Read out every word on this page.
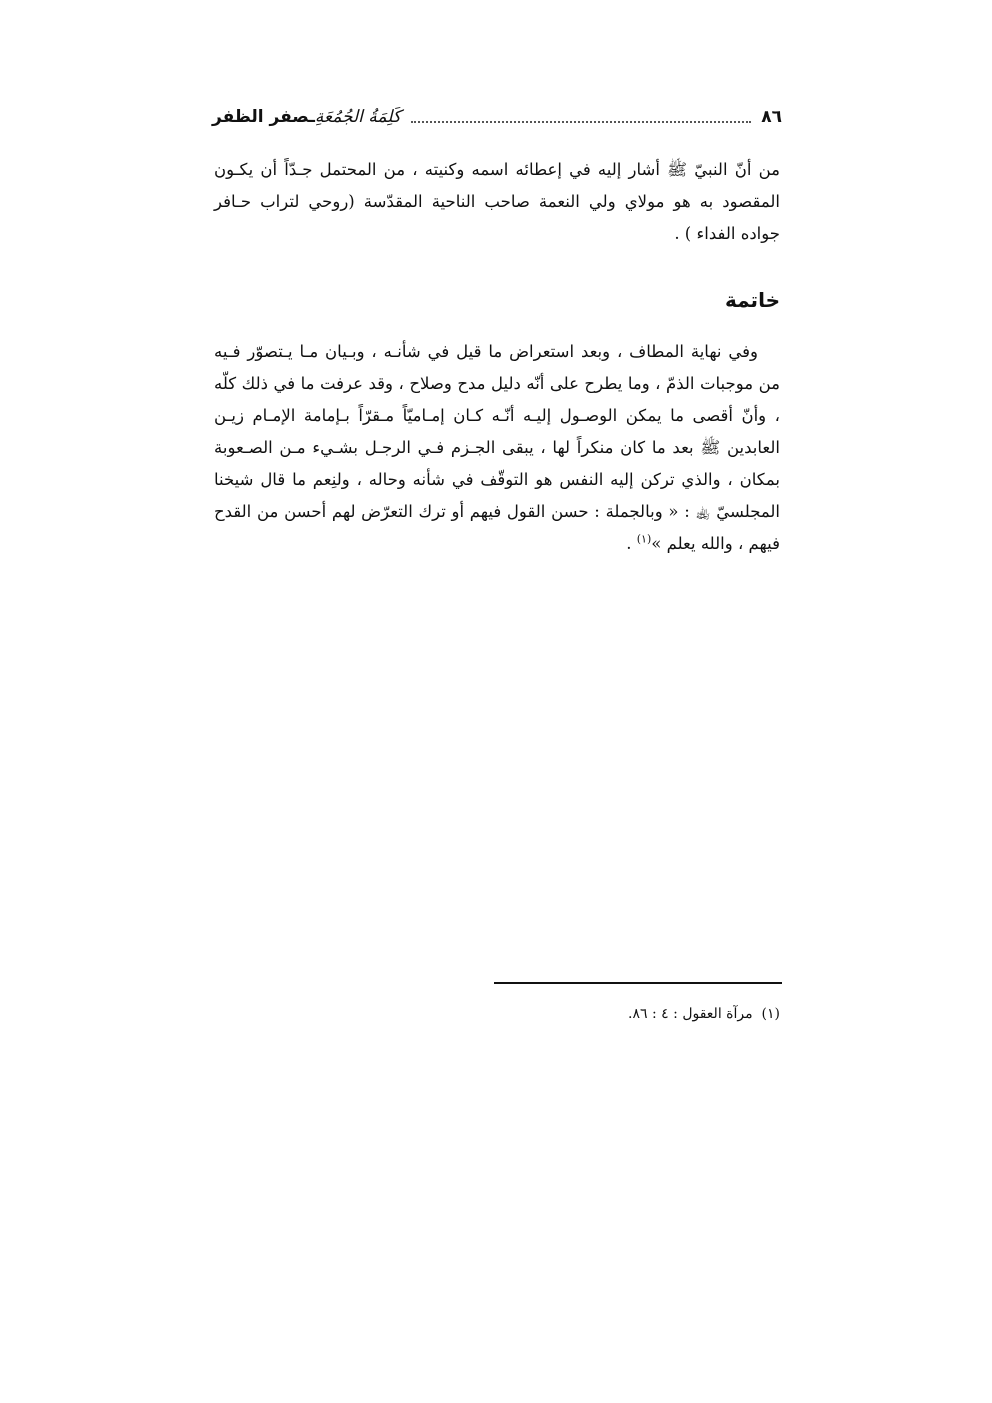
٨٦
كَلِمَةُ الجُمُعَةِـصفر الظفر

من أنّ النبيّ ﷺ أشار إليه في إعطائه اسمه وكنيته ، من المحتمل جـدّاً أن يكـون المقصود به هو مولاي ولي النعمة صاحب الناحية المقدّسة (روحي لتراب حـافر جواده الفداء ) .

خاتمة

وفي نهاية المطاف ، وبعد استعراض ما قيل في شأنـه ، وبـيان مـا يـتصوّر فـيه من موجبات الذمّ ، وما يطرح على أنّه دليل مدح وصلاح ، وقد عرفت ما في ذلك كلّه ، وأنّ أقصى ما يمكن الوصـول إليـه أنّـه كـان إمـاميّاً مـقرّاً بـإمامة الإمـام زيـن العابدين ﷺ بعد ما كان منكراً لها ، يبقى الجـزم فـي الرجـل بشـيء مـن الصـعوبة بمكان ، والذي تركن إليه النفس هو التوقّف في شأنه وحاله ، ولنِعم ما قال شيخنا المجلسيّ ﵀ : « وبالجملة : حسن القول فيهم أو ترك التعرّض لهم أحسن من القدح فيهم ، والله يعلم »$^{(١)}$ .

(١)  مرآة العقول : ٤ : ٨٦.
